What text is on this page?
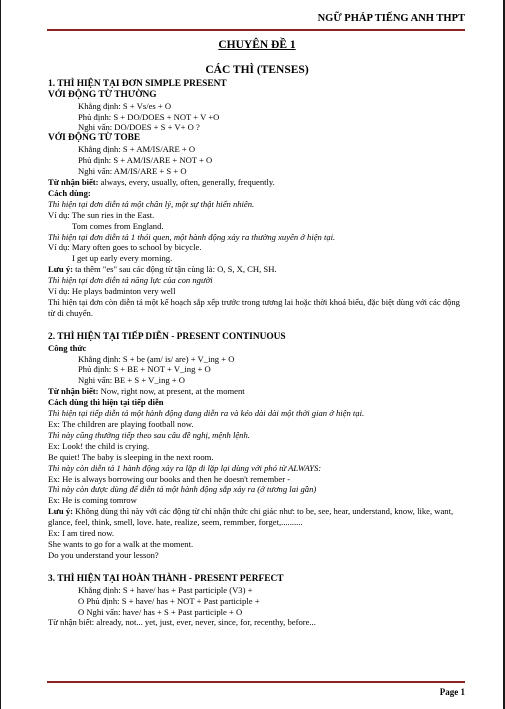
NGỮ PHÁP TIẾNG ANH THPT
CHUYÊN ĐỀ 1
CÁC THÌ (TENSES)
1. THÌ HIỆN TẠI ĐƠN SIMPLE PRESENT
VỚI ĐỘNG TỪ THƯỜNG
Khẳng định: S + Vs/es + O
Phủ định: S + DO/DOES + NOT + V +O
Nghi vấn: DO/DOES + S + V+ O ?
VỚI ĐỘNG TỪ TOBE
Khẳng định: S + AM/IS/ARE + O
Phủ định: S + AM/IS/ARE + NOT + O
Nghi vấn: AM/IS/ARE + S + O
Từ nhận biết: always, every, usually, often, generally, frequently.
Cách dùng:
Thì hiện tại đơn diễn tả một chân lý, một sự thật hiển nhiên.
Ví dụ: The sun ries in the East.
Tom comes from England.
Thì hiện tại đơn diễn tả 1 thói quen, một hành động xảy ra thường xuyên ở hiện tại.
Ví dụ: Mary often goes to school by bicycle.
I get up early every morning.
Lưu ý: ta thêm "es" sau các động từ tận cùng là: O, S, X, CH, SH.
Thì hiện tại đơn diễn tả năng lực của con người
Ví dụ: He plays badminton very well
Thì hiện tại đơn còn diễn tả một kế hoạch sắp xếp trước trong tương lai hoặc thời khoá biểu, đặc biệt dùng với các động từ di chuyển.
2. THÌ HIỆN TẠI TIẾP DIỄN - PRESENT CONTINUOUS
Công thức
Khẳng định: S + be (am/ is/ are) + V_ing + O
Phủ định: S + BE + NOT + V_ing + O
Nghi vấn: BE + S + V_ing + O
Từ nhận biết: Now, right now, at present, at the moment
Cách dùng thì hiện tại tiếp diễn
Thì hiện tại tiếp diễn tả một hành động đang diễn ra và kéo dài dài một thời gian ở hiện tại.
Ex: The children are playing football now.
Thì này cũng thường tiếp theo sau câu đề nghị, mệnh lệnh.
Ex: Look! the child is crying.
Be quiet! The baby is sleeping in the next room.
Thì này còn diễn tả 1 hành động xảy ra lặp đi lặp lại dùng với phó từ ALWAYS:
Ex: He is always borrowing our books and then he doesn't remember -
Thì này còn được dùng để diễn tả một hành động sắp xảy ra (ở tương lai gần)
Ex: He is coming tomrow
Lưu ý: Không dùng thì này với các động từ chỉ nhận thức chi giác như: to be, see, hear, understand, know, like, want, glance, feel, think, smell, love. hate, realize, seem, remmber, forget,..........
Ex: I am tired now.
She wants to go for a walk at the moment.
Do you understand your lesson?
3. THÌ HIỆN TẠI HOÀN THÀNH - PRESENT PERFECT
Khẳng định: S + have/ has + Past participle (V3) +
O Phủ định: S + have/ has + NOT + Past participle +
O Nghi vấn: have/ has + S + Past participle + O
Từ nhận biết: already, not... yet, just, ever, never, since, for, recenthy, before...
Page 1
